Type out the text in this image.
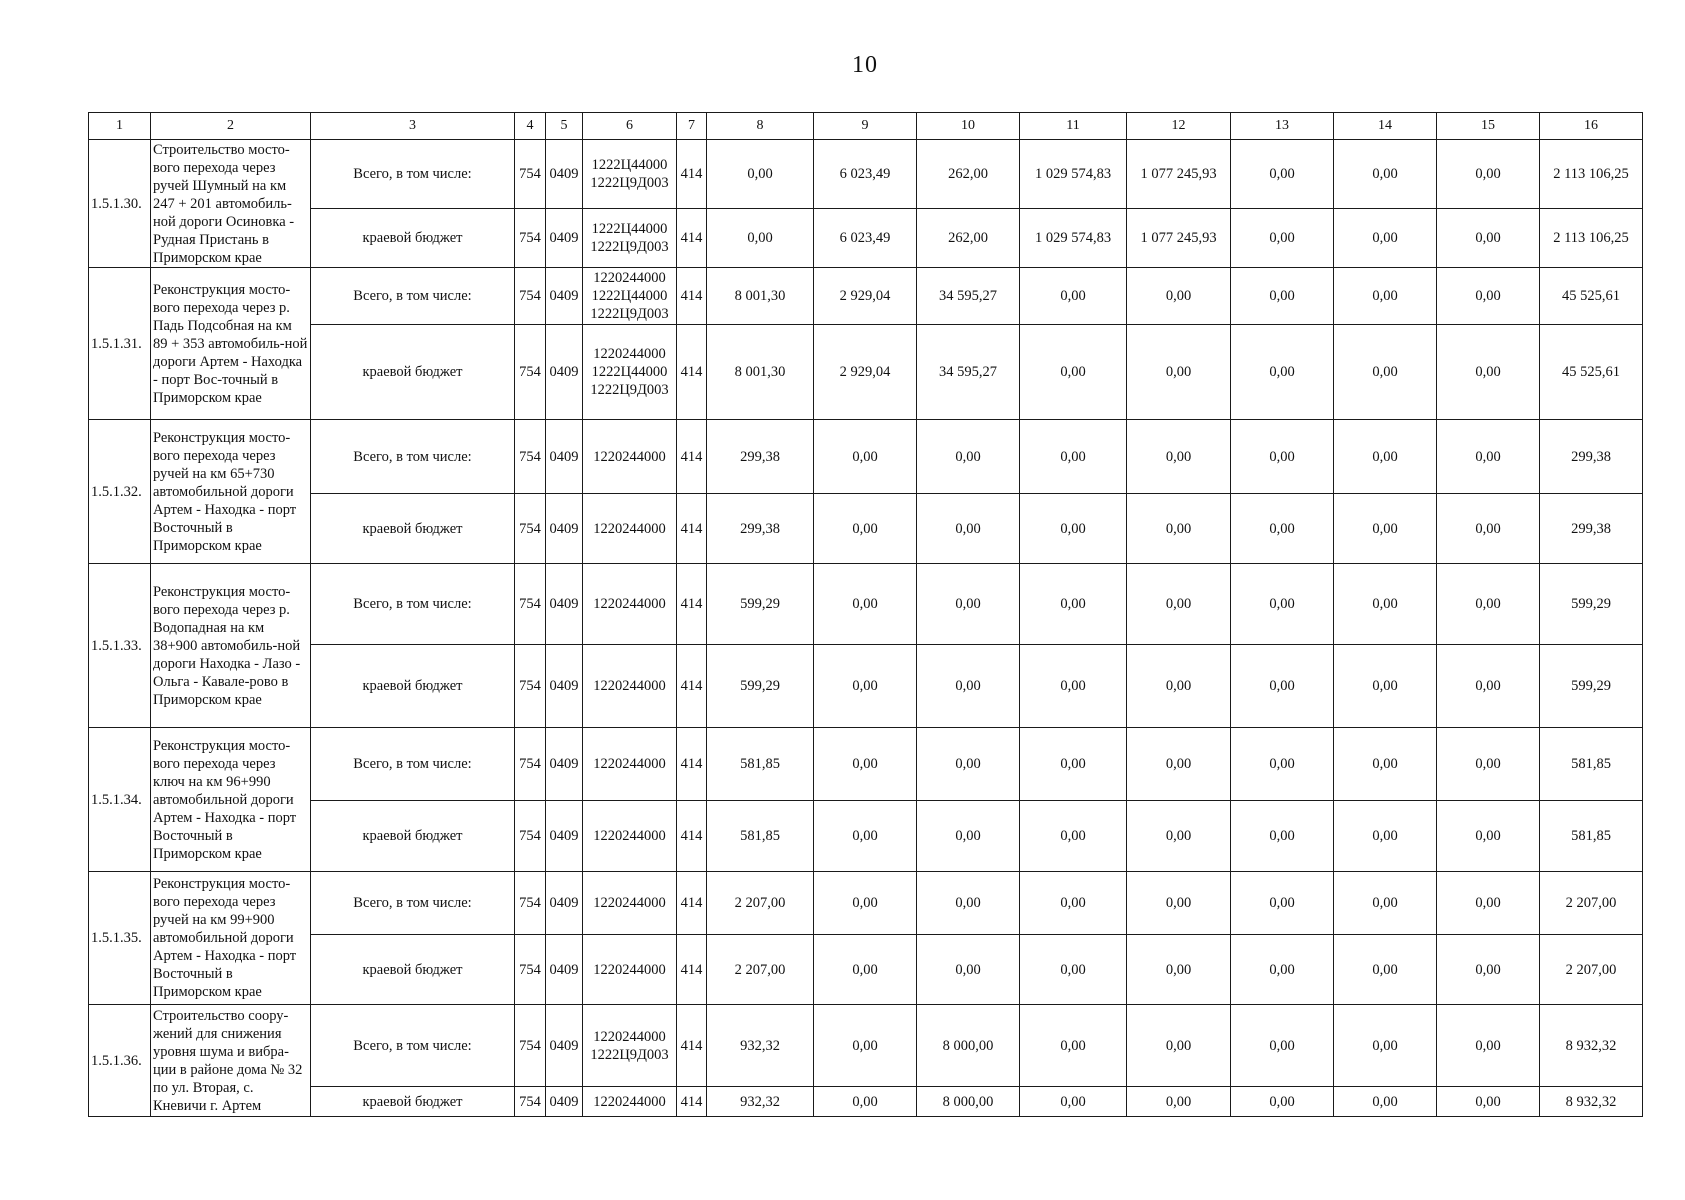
10
1	2	3	4	5	6	7	8	9	10	11	12	13	14	15	16
1.5.1.30.	Строительство мосто-вого перехода через ручей Шумный на км 247 + 201 автомобиль-ной дороги Осиновка - Рудная Пристань в Приморском крае	Всего, в том числе:	754	0409	1222Ц44000
1222Ц9Д003	414	0,00	6 023,49	262,00	1 029 574,83	1 077 245,93	0,00	0,00	0,00	2 113 106,25
		краевой бюджет	754	0409	1222Ц44000
1222Ц9Д003	414	0,00	6 023,49	262,00	1 029 574,83	1 077 245,93	0,00	0,00	0,00	2 113 106,25
1.5.1.31.	Реконструкция мосто-вого перехода через р. Падь Подсобная на км 89 + 353 автомобиль-ной дороги Артем - Находка - порт Вос-точный в Приморском крае	Всего, в том числе:	754	0409	1220244000
1222Ц44000
1222Ц9Д003	414	8 001,30	2 929,04	34 595,27	0,00	0,00	0,00	0,00	0,00	45 525,61
		краевой бюджет	754	0409	1220244000
1222Ц44000
1222Ц9Д003	414	8 001,30	2 929,04	34 595,27	0,00	0,00	0,00	0,00	0,00	45 525,61
1.5.1.32.	Реконструкция мосто-вого перехода через ручей на км 65+730 автомобильной дороги Артем - Находка - порт Восточный в Приморском крае	Всего, в том числе:	754	0409	1220244000	414	299,38	0,00	0,00	0,00	0,00	0,00	0,00	0,00	299,38
		краевой бюджет	754	0409	1220244000	414	299,38	0,00	0,00	0,00	0,00	0,00	0,00	0,00	299,38
1.5.1.33.	Реконструкция мосто-вого перехода через р. Водопадная на км 38+900 автомобиль-ной дороги Находка - Лазо - Ольга - Кавале-рово в Приморском крае	Всего, в том числе:	754	0409	1220244000	414	599,29	0,00	0,00	0,00	0,00	0,00	0,00	0,00	599,29
		краевой бюджет	754	0409	1220244000	414	599,29	0,00	0,00	0,00	0,00	0,00	0,00	0,00	599,29
1.5.1.34.	Реконструкция мосто-вого перехода через ключ на км 96+990 автомобильной дороги Артем - Находка - порт Восточный в Приморском крае	Всего, в том числе:	754	0409	1220244000	414	581,85	0,00	0,00	0,00	0,00	0,00	0,00	0,00	581,85
		краевой бюджет	754	0409	1220244000	414	581,85	0,00	0,00	0,00	0,00	0,00	0,00	0,00	581,85
1.5.1.35.	Реконструкция мосто-вого перехода через ручей на км 99+900 автомобильной дороги Артем - Находка - порт Восточный в Приморском крае	Всего, в том числе:	754	0409	1220244000	414	2 207,00	0,00	0,00	0,00	0,00	0,00	0,00	0,00	2 207,00
		краевой бюджет	754	0409	1220244000	414	2 207,00	0,00	0,00	0,00	0,00	0,00	0,00	0,00	2 207,00
1.5.1.36.	Строительство соору-жений для снижения уровня шума и вибра-ции в районе дома № 32 по ул. Вторая, с. Кневичи г. Артем	Всего, в том числе:	754	0409	1220244000
1222Ц9Д003	414	932,32	0,00	8 000,00	0,00	0,00	0,00	0,00	0,00	8 932,32
		краевой бюджет	754	0409	1220244000	414	932,32	0,00	8 000,00	0,00	0,00	0,00	0,00	0,00	8 932,32
